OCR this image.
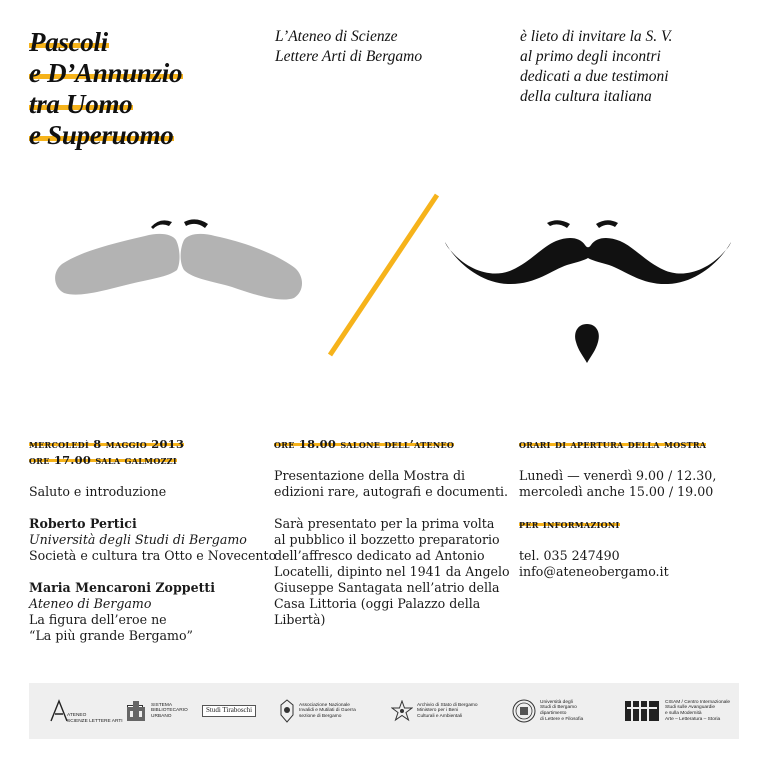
Pascoli
e D’Annunzio
tra Uomo
e Superuomo
L’Ateneo di Scienze
Lettere Arti di Bergamo
è lieto di invitare la S. V.
al primo degli incontri
dedicati a due testimoni
della cultura italiana
mercoledì 8 maggio 2013
ore 17.00 sala galmozzi
Saluto e introduzione
Roberto Pertici
Università degli Studi di Bergamo
Società e cultura tra Otto e Novecento
Maria Mencaroni Zoppetti
Ateneo di Bergamo
La figura dell’eroe ne
“La più grande Bergamo”
ore 18.00 salone dell’ateneo
Presentazione della Mostra di
edizioni rare, autografi e documenti.
Sarà presentato per la prima volta
al pubblico il bozzetto preparatorio
dell’affresco dedicato ad Antonio
Locatelli, dipinto nel 1941 da Angelo
Giuseppe Santagata nell’atrio della
Casa Littoria (oggi Palazzo della
Libertà)
orari di apertura della mostra
Lunedì — venerdì 9.00 / 12.30,
mercoledì anche 15.00 / 19.00
per informazioni
tel. 035 247490
info@ateneobergamo.it
ATENEO
SCIENZE LETTERE ARTI
SISTEMA BIBLIOTECARIO URBANO
Studi Tiraboschi
Associazione Nazionale
Invalidi e Mutilati di Guerra
sezione di Bergamo
Archivio di Stato di Bergamo
Ministero per i Beni
Culturali e Ambientali
Università degli
Studi di Bergamo
dipartimento
di Lettere e Filosofia
CISAM / Centro Internazionale
Studi sulle Avanguardie
e sulla Modernità
Arte – Letteratura – Storia
